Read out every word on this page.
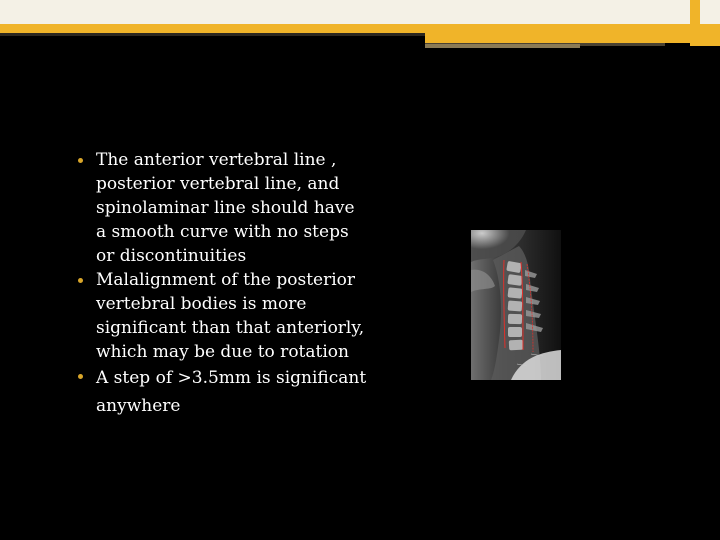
The anterior vertebral line , posterior vertebral line, and spinolaminar line should have a smooth curve with no steps or discontinuities
Malalignment of the posterior vertebral bodies is more significant than that anteriorly, which may be due to rotation
A step of >3.5mm is significant anywhere
